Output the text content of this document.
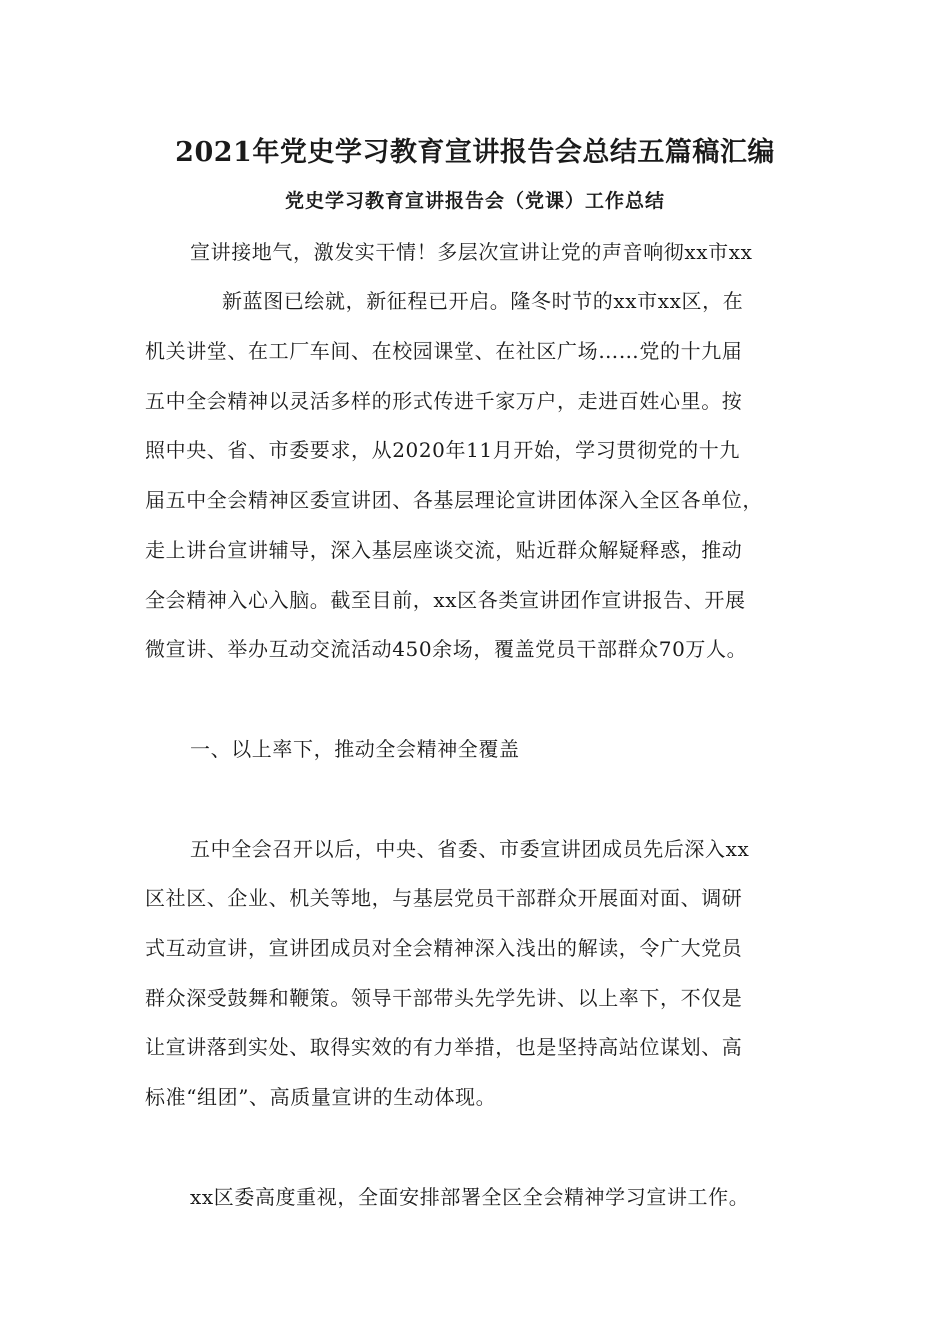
2021年党史学习教育宣讲报告会总结五篇稿汇编
党史学习教育宣讲报告会（党课）工作总结
宣讲接地气，激发实干情！多层次宣讲让党的声音响彻xx市xx
新蓝图已绘就，新征程已开启。隆冬时节的xx市xx区，在
机关讲堂、在工厂车间、在校园课堂、在社区广场……党的十九届
五中全会精神以灵活多样的形式传进千家万户，走进百姓心里。按
照中央、省、市委要求，从2020年11月开始，学习贯彻党的十九
届五中全会精神区委宣讲团、各基层理论宣讲团体深入全区各单位，
走上讲台宣讲辅导，深入基层座谈交流，贴近群众解疑释惑，推动
全会精神入心入脑。截至目前，xx区各类宣讲团作宣讲报告、开展
微宣讲、举办互动交流活动450余场，覆盖党员干部群众70万人。
一、以上率下，推动全会精神全覆盖
五中全会召开以后，中央、省委、市委宣讲团成员先后深入xx
区社区、企业、机关等地，与基层党员干部群众开展面对面、调研
式互动宣讲，宣讲团成员对全会精神深入浅出的解读，令广大党员
群众深受鼓舞和鞭策。领导干部带头先学先讲、以上率下，不仅是
让宣讲落到实处、取得实效的有力举措，也是坚持高站位谋划、高
标准“组团”、高质量宣讲的生动体现。
xx区委高度重视，全面安排部署全区全会精神学习宣讲工作。
